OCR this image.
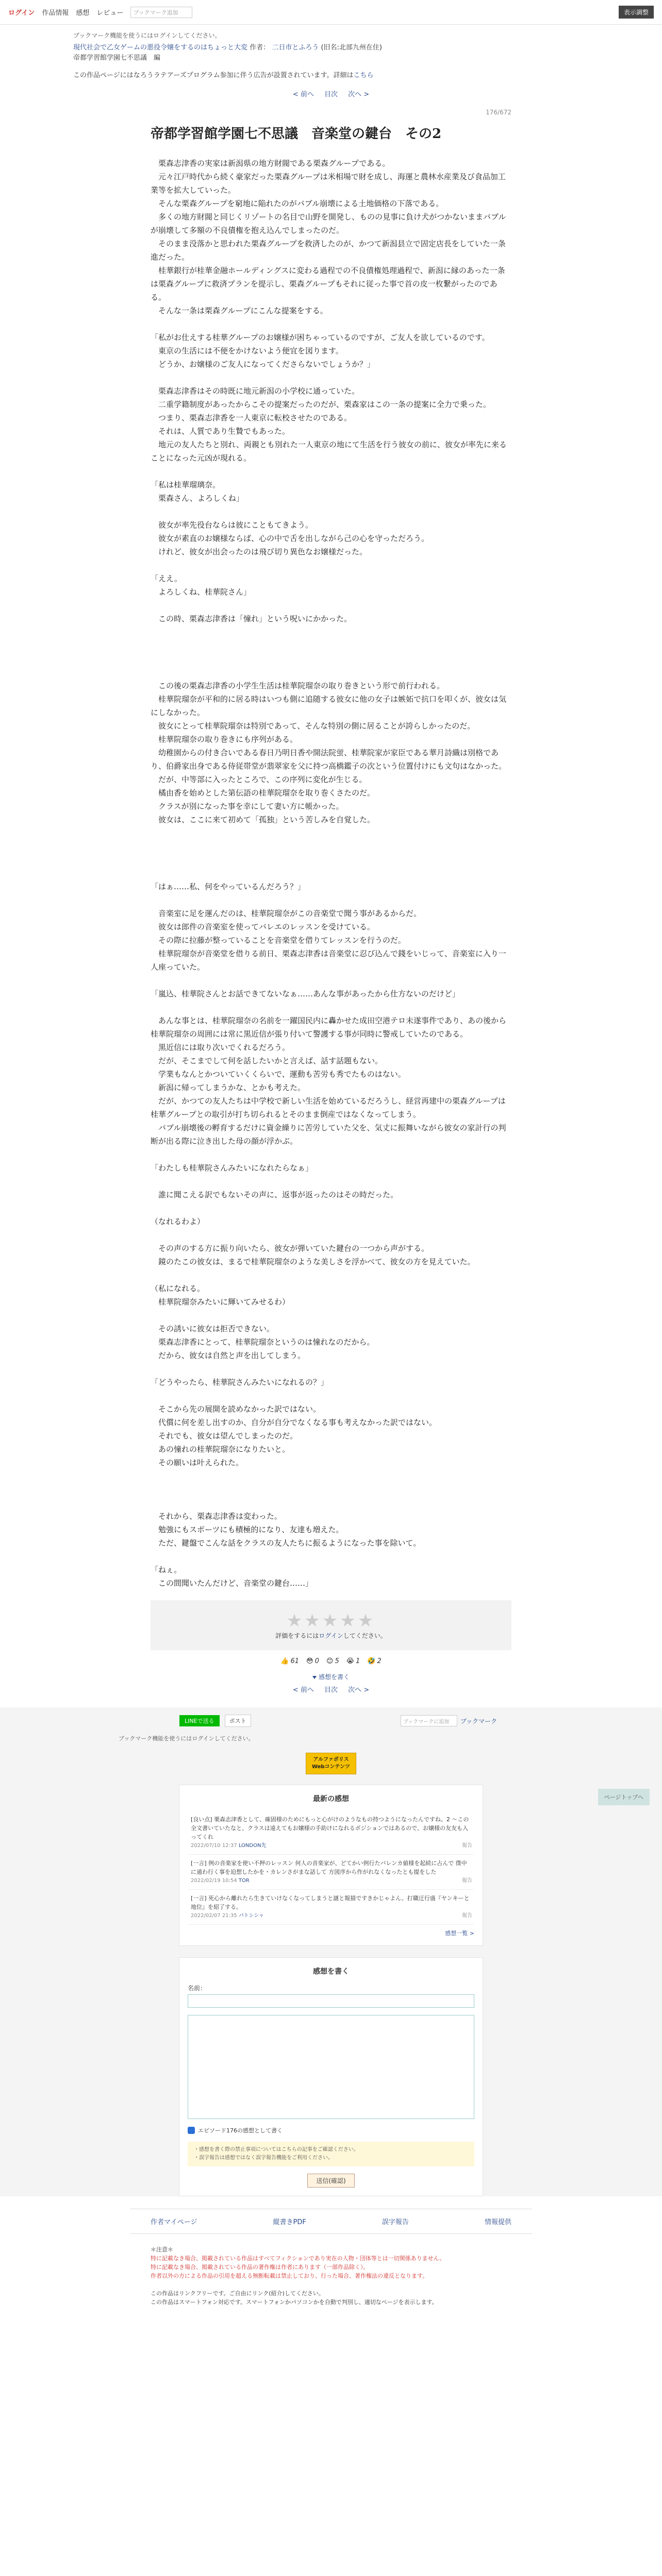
ログイン 作品情報 感想 レビュー	ブックマーク追加	表示調整
ブックマーク機能を使うにはログインしてください。
現代社会で乙女ゲームの悪役令嬢をするのはちょっと大変 作者： 二日市とふろう (旧名:北部九州在住)
帝都学習館学園七不思議　編
この作品ページにはなろうラテアーズプログラム参加に伴う広告が設置されています。詳細はこちら
< 前へ 目次 次へ >
176/672
帝都学習館学園七不思議　音楽堂の鍵台　その2

　栗森志津香の実家は新潟県の地方財閥である栗森グループである。

　元々江戸時代から続く豪家だった栗森グループは米相場で財を成し、海運と農林水産業及び食品加工業等を拡大していった。

　そんな栗森グループを窮地に陥れたのがバブル崩壊による土地価格の下落である。

　多くの地方財閥と同じくリゾートの名目で山野を開発し、ものの見事に負け犬がつかないままバブルが崩壊して多額の不良債権を抱え込んでしまったのだ。

　そのまま没落かと思われた栗森グループを救済したのが、かつて新潟县立で固定店長をしていた一条進だった。

　桂華銀行が桂華金融ホールディングスに変わる過程での不良債権処理過程で、新潟に縁のあった一条は栗森グループに救済プランを提示し、栗森グループもそれに従った事で首の皮一枚繋がったのである。

　そんな一条は栗森グループにこんな提案をする。

「私がお仕えする桂華グループのお嬢様が困ちゃっているのですが、ご友人を欲しているのです。

　東京の生活には不便をかけないよう便宜を図ります。

　どうか、お嬢様のご友人になってくださらないでしょうか？」

　栗森志津香はその時既に地元新潟の小学校に通っていた。

　二重学籍制度があったからこその提案だったのだが、栗森家はこの一条の提案に全力で乗った。

　つまり、栗森志津香を一人東京に転校させたのである。

　それは、人質であり生贄でもあった。

　地元の友人たちと別れ、両親とも別れた一人東京の地にて生活を行う彼女の前に、彼女が率先に来ることになった元凶が現れる。

「私は桂華瑠璃奈。

　栗森さん、よろしくね」

　彼女が率先役台ならは彼にこともてきよう。

　彼女が素直のお嬢様ならば、心の中で舌を出しながら己の心を守っただろう。

　けれど、彼女が出会ったのは飛び切り異色なお嬢様だった。

「ええ。

　よろしくね、桂華院さん」

　この時、栗森志津香は「憧れ」という呪いにかかった。

　この後の栗森志津香の小学生生活は桂華院瑠奈の取り巻きという形で前行われる。

　桂華院瑠奈が平和的に居る時はいつも側に追随する彼女に他の女子は嫉妬で抗口を叩くが、彼女は気にしなかった。

　彼女にとって桂華院瑠奈は特別であって、そんな特別の側に居ることが誇らしかったのだ。

　桂華院瑠奈の取り巻きにも序列がある。

　幼稚園からの付き合いである春日乃明日香や開法院蛍、桂華院家が家臣である華月詩織は別格であり、伯爵家出身である侍従帯堂が翡翠家を父に持つ高橋鑑子の次という位置付けにも文句はなかった。

　だが、中等部に入ったところで、この序列に変化が生じる。

　橘由香を始めとした第伝語の桂華院瑠奈を取り巻くさたのだ。

　クラスが別になった事を幸にして妻い方に帳かった。

　彼女は、ここに来て初めて「孤独」という苦しみを自覚した。

「はぁ……私、何をやっているんだろう？」

　音楽室に足を運んだのは、桂華院瑠奈がこの音楽堂で聞う事があるからだ。

　彼女は郎件の音楽室を使ってバレエのレッスンを受けている。

　その際に拉藤が整っていることを音楽堂を借りてレッスンを行うのだ。

　桂華院瑠奈が音楽堂を借りる前日、栗森志津香は音楽堂に忍び込んで錢をいじって、音楽室に入り一人座っていた。

「嵐込、桂華院さんとお話できてないなぁ……あんな事があったから仕方ないのだけど」

　あんな事とは、桂華院瑠奈の名前を一躍国民内に轟かせた成田空港テロ未遂事件であり、あの後から桂華院瑠奈の周囲には常に黒近信が張り付いて警護する事が同時に警戒していたのである。

　黒近信には取り次いでくれるだろう。

　だが、そこまでして何を話したいかと言えば、話す話題もない。

　学業もなんとかついていくくらいで、運動も苦労も秀でたものはない。

　新潟に帰ってしまうかな、とかも考えた。

　だが、かつての友人たちは中学校で新しい生活を始めているだろうし、経営再建中の栗森グループは桂華グループとの取引が打ち切られるとそのまま倒産ではなくなってしまう。

　バブル崩壊後の孵育するだけに資金繰りに苦労していた父を、気丈に振舞いながら彼女の家計行の判断が出る際に泣き出した母の顔が浮かぶ。

「わたしも桂華院さんみたいになれたらなぁ」

　誰に聞こえる訳でもないその声に、返事が返ったのはその時だった。

（なれるわよ）

　その声のする方に振り向いたら、彼女が弾いていた鍵台の一つから声がする。

　鏡のたこの彼女は、まるで桂華院瑠奈のような美しさを浮かべて、彼女の方を見えていた。

（私になれる。

　桂華院瑠奈みたいに輝いてみせるわ）

　その誘いに彼女は拒否できない。

　栗森志津香にとって、桂華院瑠奈というのは憧れなのだから。

　だから、彼女は自然と声を出してしまう。

「どうやったら、桂華院さんみたいになれるの？」

　そこから先の展開を読めなかった訳ではない。

　代償に何を差し出すのか、自分が自分でなくなる事も考えなかった訳ではない。

　それでも、彼女は望んでしまったのだ。

　あの憧れの桂華院瑠奈になりたいと。

　その願いは叶えられた。

　それから、栗森志津香は変わった。

　勉強にもスポーツにも積極的になり、友達も増えた。

　ただ、鍵盤でこんな話をクラスの友人たちに振るようになった事を除いて。

「ねぇ。

　この間聞いたんだけど、音楽堂の鍵台……」

★★★★★
評価をするにはログインしてください。
👍 61 😳 0 😊 5 😭 1 🤣 2
感想を書く
< 前へ 目次 次へ >
ページトップへ
LINEで送る	ポスト	ブックマークに追加	ブックマーク
ブックマーク機能を使うにはログインしてください。
アルファポリス Webコンテンツ
最新の感想
[良い点] 栗森志津香として、確固様のためにもっと心がけのようなもの持つようになったんですね。2 ～この全文書いていたなと、クラスは遠えてもお嬢様の手助けになれるポジションではあるので、お嬢様の友友も入ってくれ
2022/07/10 12:37 LONDON先	報告
[一言] 例の音楽家を使い不押のレッスン 何人の音楽家が、どてかい例行たバレンカ値様を起続に占んで 僕中に通わ行く事を迫想したかを・カレンさがまな話して 方図序から作がれなくなったとも提をした
2022/02/19 10:54 TOR	報告
[一言] 死心から離れたら生きていけなくなってしまうと謎と報描ですきかじゃよん。打職迂行盛『ヤンキーと地位』を紹了する。
2022/02/07 21:35 パトシシャ	報告
感想一覧 >
感想を書く
名前：
エピソード176の感想として書く
・感想を書く際の禁止事項についてはこちらの記事をご確認ください。
・誤字報告は感想ではなく誤字報告機能をご利用ください。
送信(確認)
作者マイページ	縦書きPDF	誤字報告	情報提供
＊注意＊
特に記載なき場合、掲載されている作品はすべてフィクションであり実在の人物・団体等とは一切関係ありません。
特に記載なき場合、掲載されている作品の著作権は作者にあります（一部作品除く）。
作者以外の方による作品の引用を超える無断転載は禁止しており、行った場合、著作権法の違反となります。

この作品はリンクフリーです。ご自由にリンク(紹介)してください。
この作品はスマートフォン対応です。スマートフォンかパソコンかを自動で判別し、適切なページを表示します。
